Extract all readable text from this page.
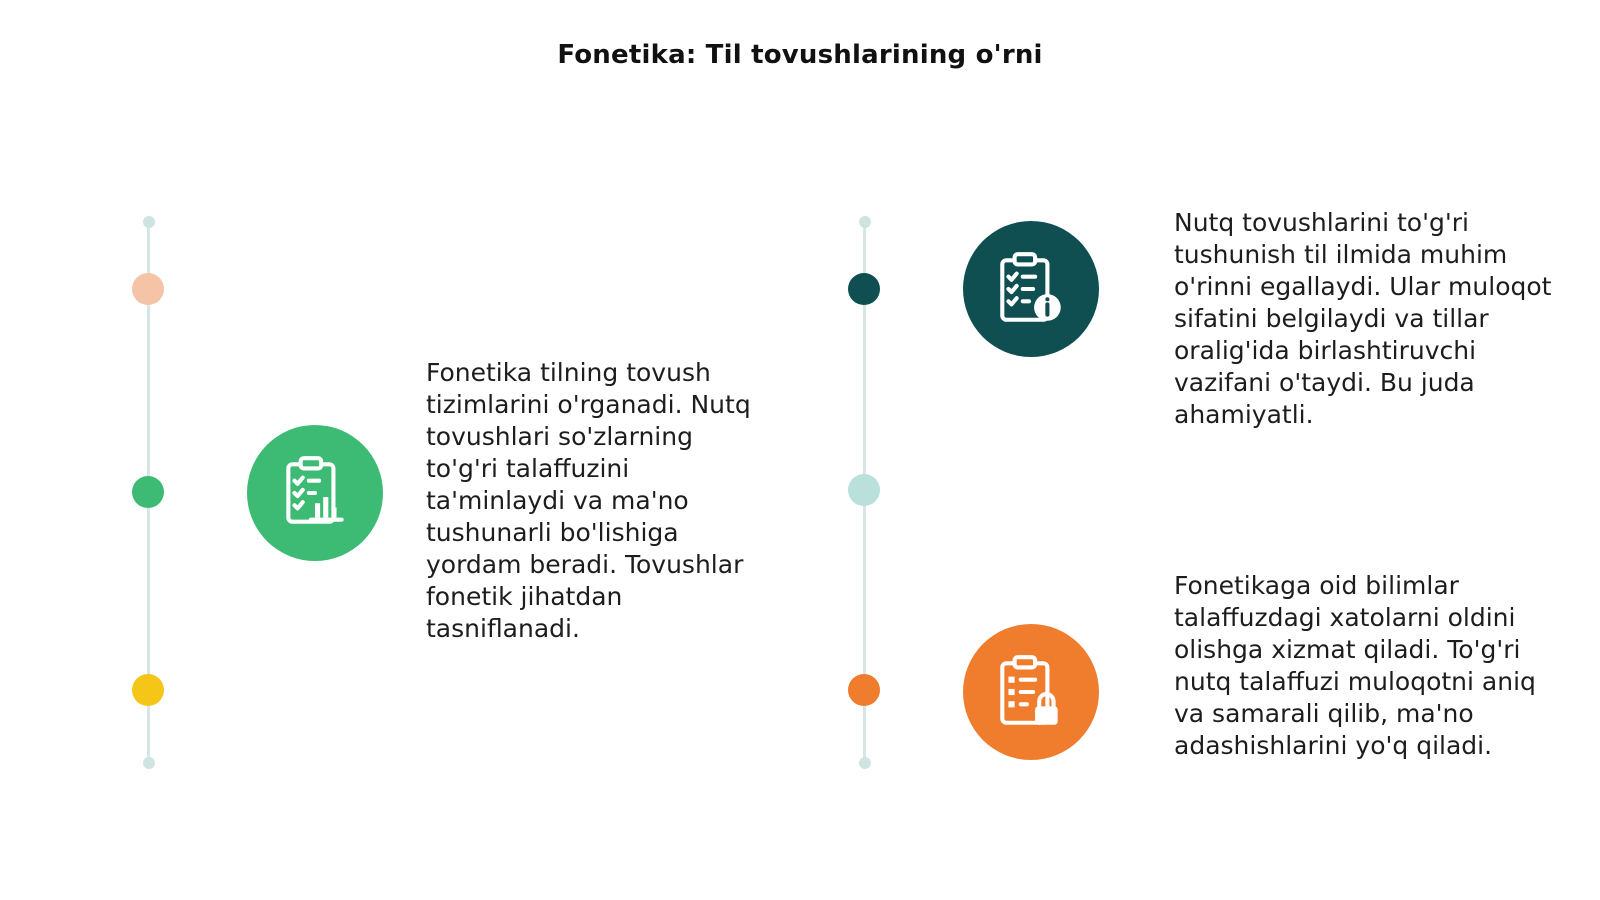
Fonetika: Til tovushlarining o'rni

Fonetika tilning tovush tizimlarini o'rganadi. Nutq tovushlari so'zlarning to'g'ri talaffuzini ta'minlaydi va ma'no tushunarli bo'lishiga yordam beradi. Tovushlar fonetik jihatdan tasniflanadi.

Nutq tovushlarini to'g'ri tushunish til ilmida muhim o'rinni egallaydi. Ular muloqot sifatini belgilaydi va tillar oralig'ida birlashtiruvchi vazifani o'taydi. Bu juda ahamiyatli.

Fonetikaga oid bilimlar talaffuzdagi xatolarni oldini olishga xizmat qiladi. To'g'ri nutq talaffuzi muloqotni aniq va samarali qilib, ma'no adashishlarini yo'q qiladi.
